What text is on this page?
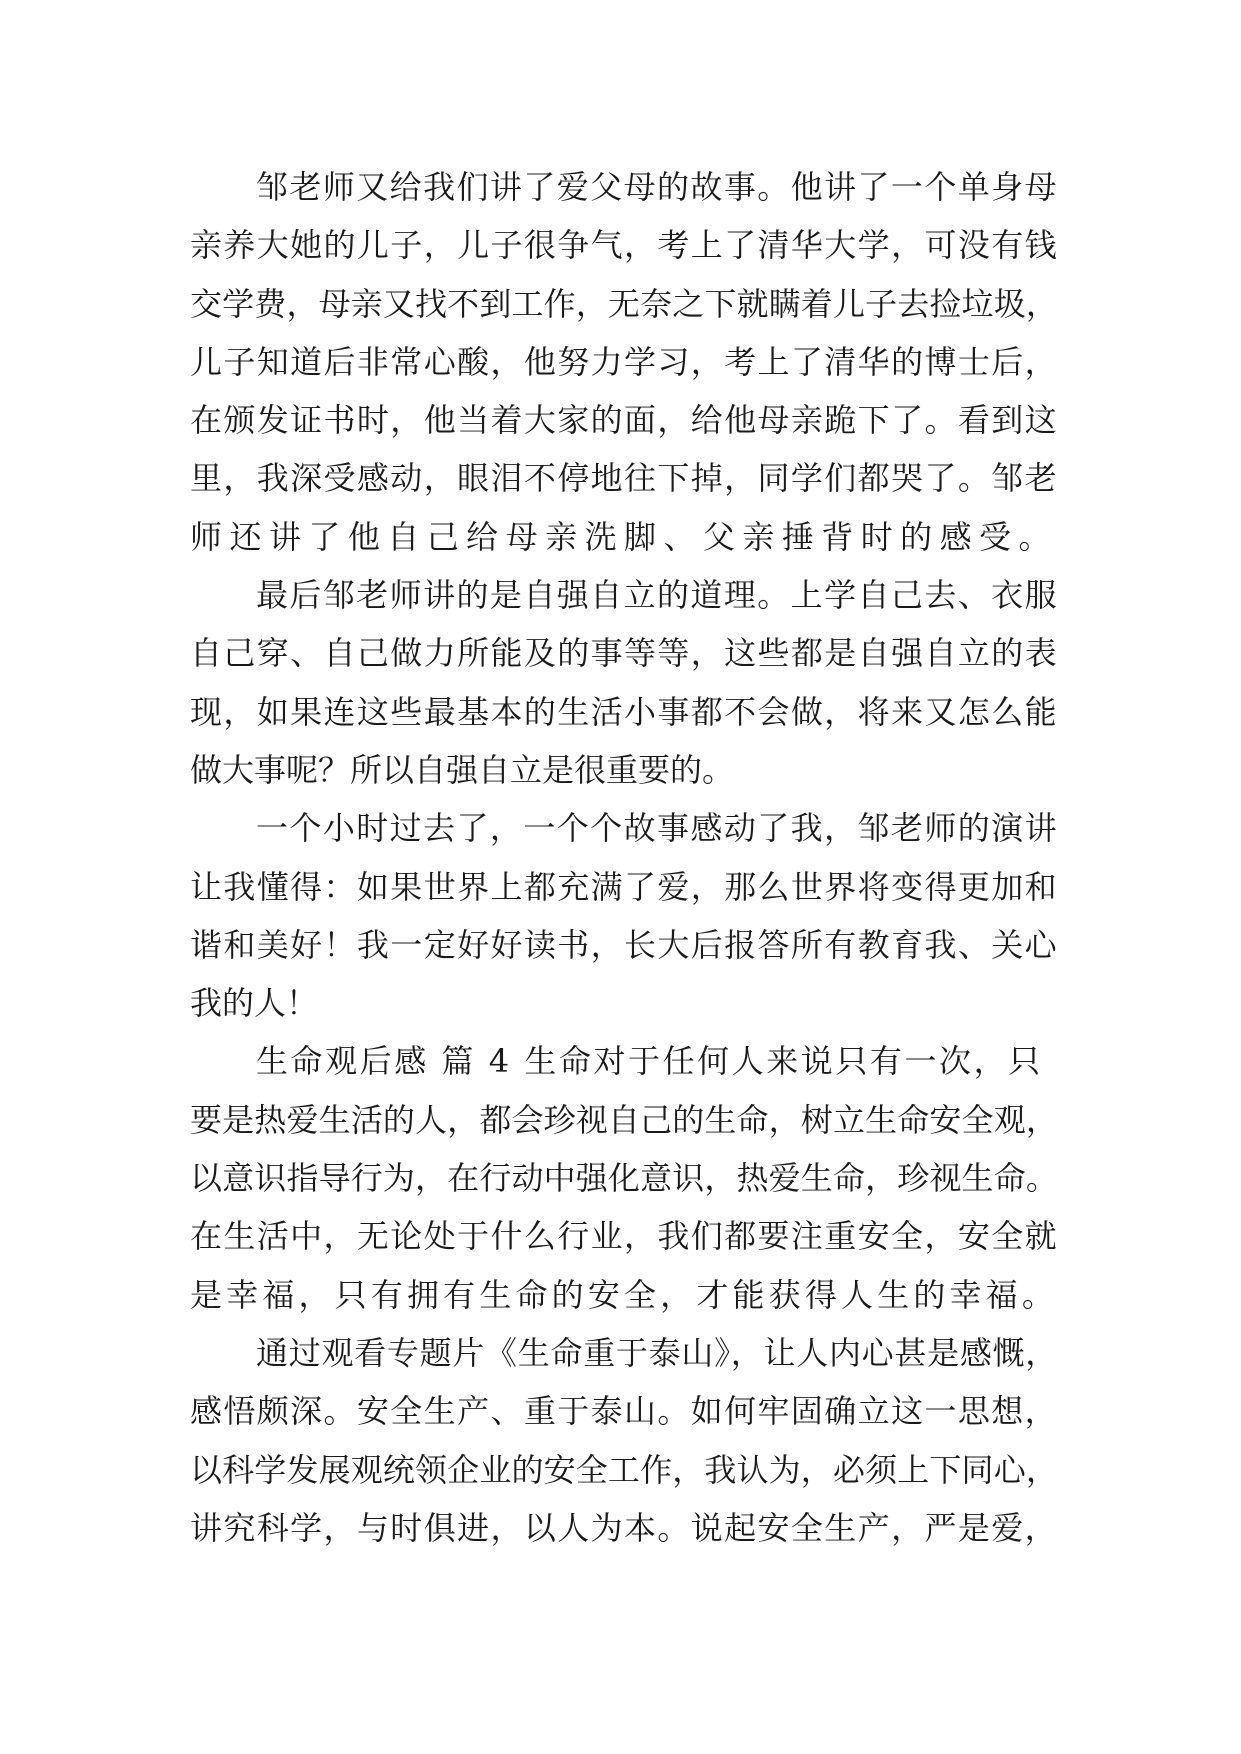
邹老师又给我们讲了爱父母的故事。他讲了一个单身母
亲养大她的儿子，儿子很争气，考上了清华大学，可没有钱
交学费，母亲又找不到工作，无奈之下就瞒着儿子去捡垃圾，
儿子知道后非常心酸，他努力学习，考上了清华的博士后，
在颁发证书时，他当着大家的面，给他母亲跪下了。看到这
里，我深受感动，眼泪不停地往下掉，同学们都哭了。邹老
师还讲了他自己给母亲洗脚、父亲捶背时的感受。
最后邹老师讲的是自强自立的道理。上学自己去、衣服
自己穿、自己做力所能及的事等等，这些都是自强自立的表
现，如果连这些最基本的生活小事都不会做，将来又怎么能
做大事呢？所以自强自立是很重要的。
一个小时过去了，一个个故事感动了我，邹老师的演讲
让我懂得：如果世界上都充满了爱，那么世界将变得更加和
谐和美好！我一定好好读书，长大后报答所有教育我、关心
我的人！
生命观后感 篇 4 生命对于任何人来说只有一次，只
要是热爱生活的人，都会珍视自己的生命，树立生命安全观，
以意识指导行为，在行动中强化意识，热爱生命，珍视生命。
在生活中，无论处于什么行业，我们都要注重安全，安全就
是幸福，只有拥有生命的安全，才能获得人生的幸福。
通过观看专题片《生命重于泰山》，让人内心甚是感慨，
感悟颇深。安全生产、重于泰山。如何牢固确立这一思想，
以科学发展观统领企业的安全工作，我认为，必须上下同心，
讲究科学，与时俱进，以人为本。说起安全生产，严是爱，
